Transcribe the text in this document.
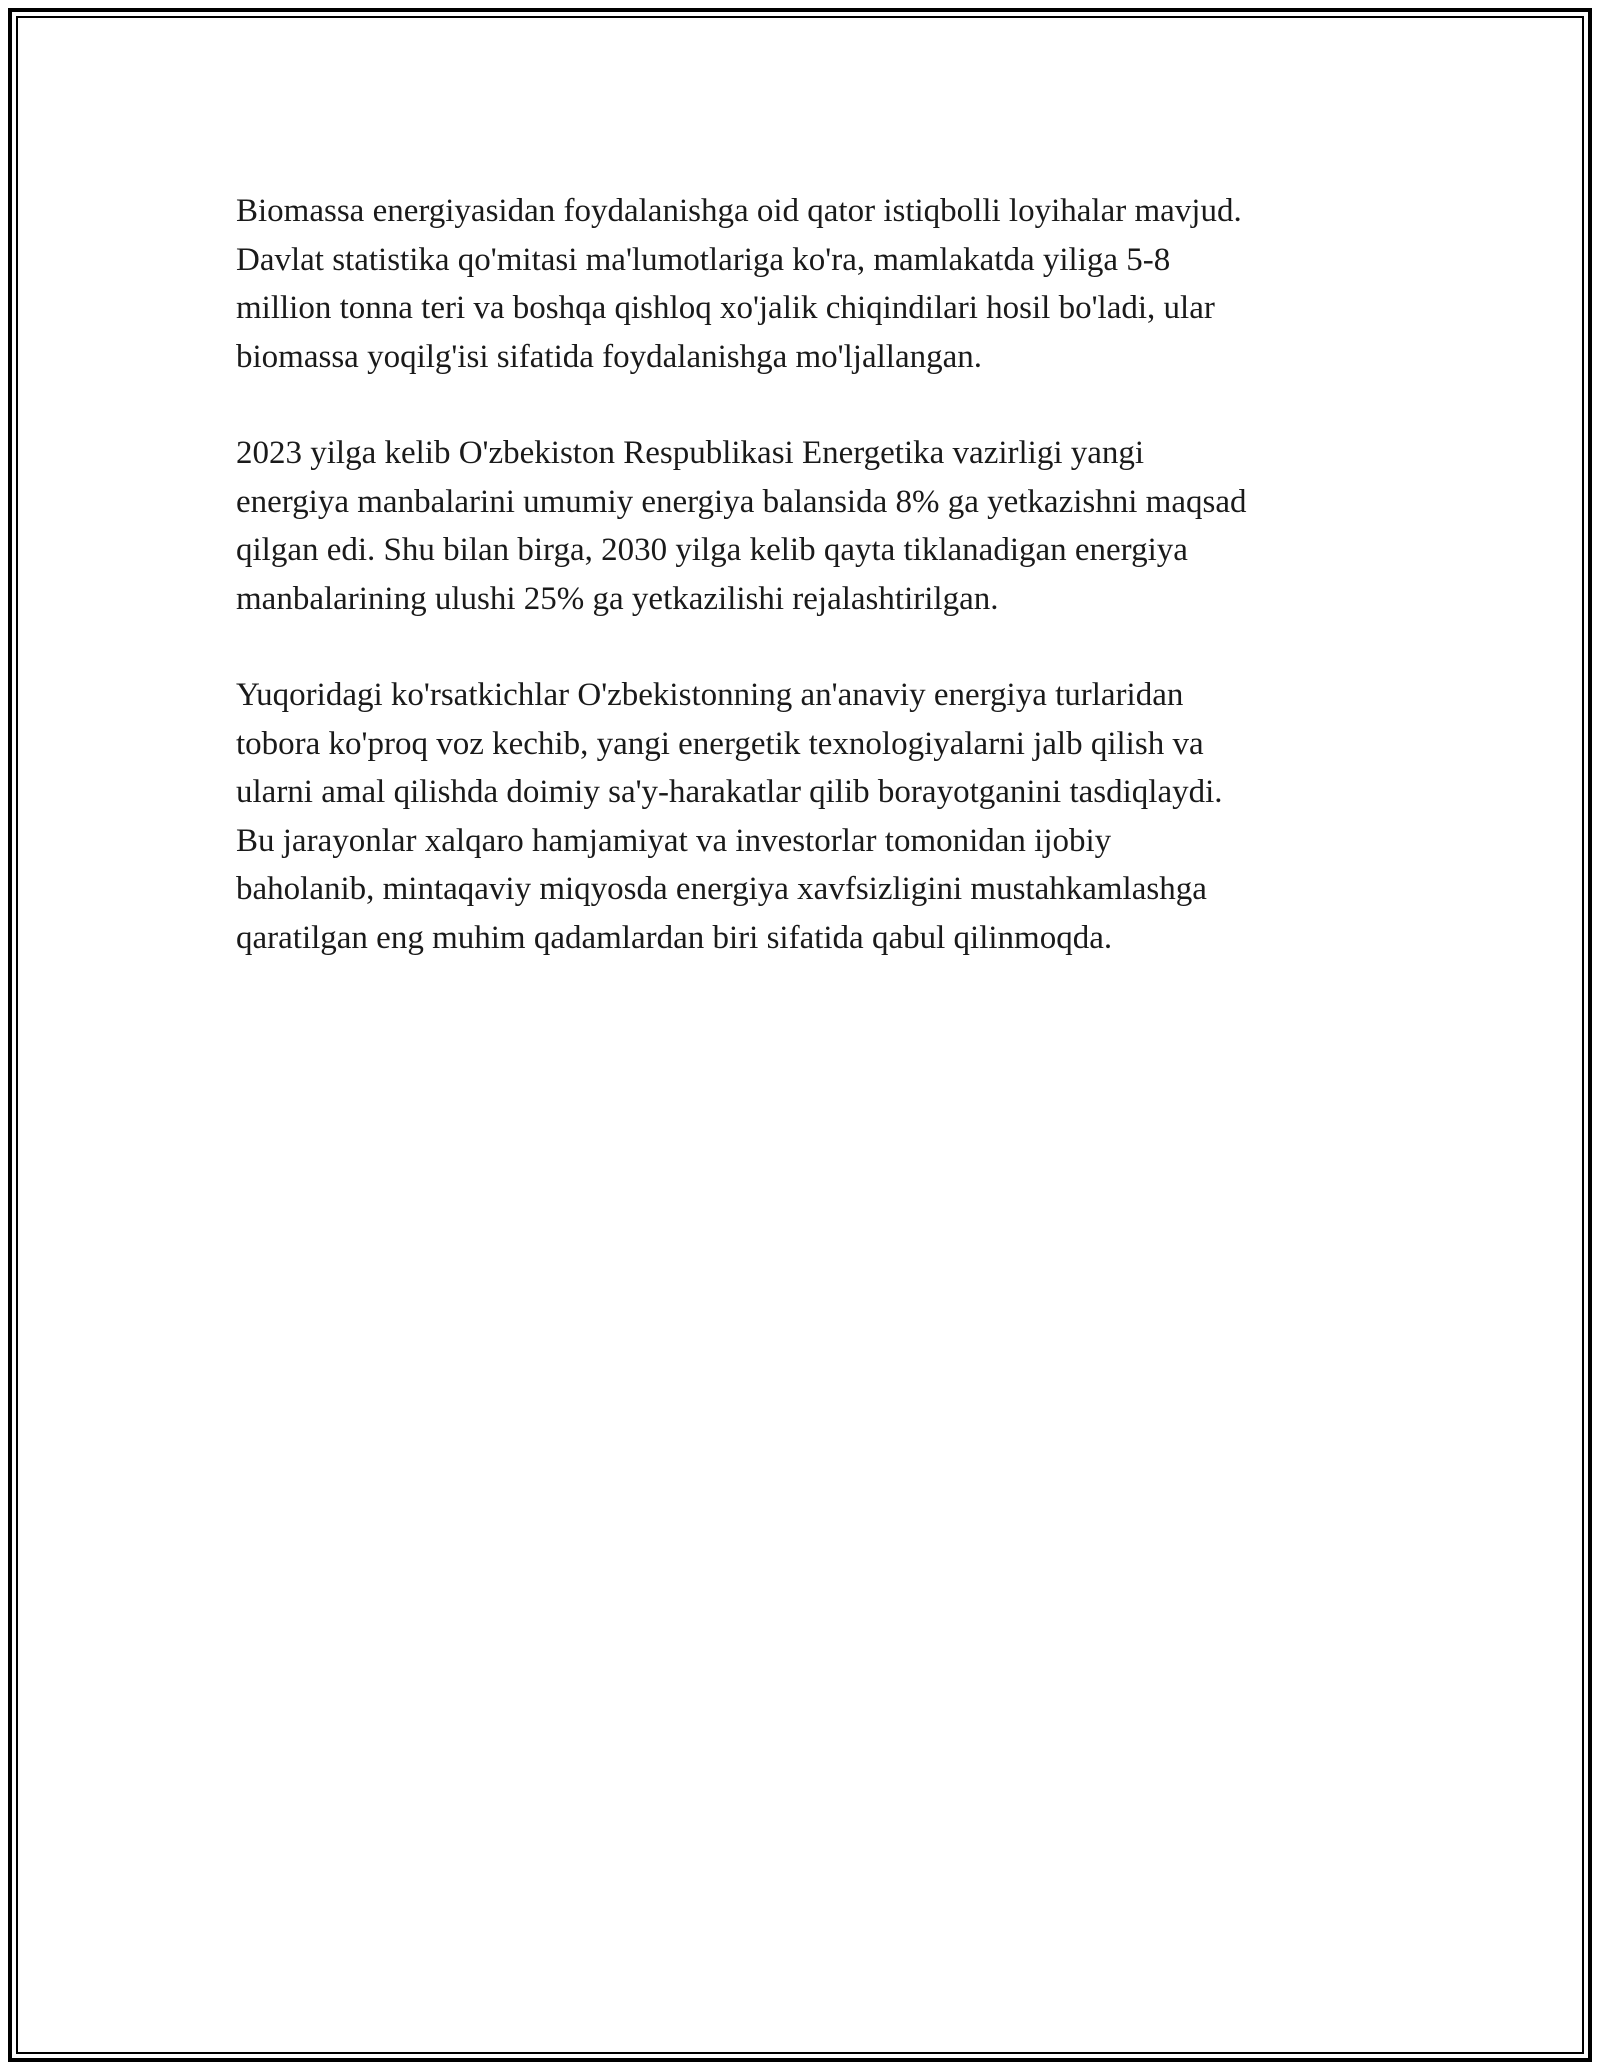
Biomassa energiyasidan foydalanishga oid qator istiqbolli loyihalar mavjud.
Davlat statistika qo'mitasi ma'lumotlariga ko'ra, mamlakatda yiliga 5-8
million tonna teri va boshqa qishloq xo'jalik chiqindilari hosil bo'ladi, ular
biomassa yoqilg'isi sifatida foydalanishga mo'ljallangan.

2023 yilga kelib O'zbekiston Respublikasi Energetika vazirligi yangi
energiya manbalarini umumiy energiya balansida 8% ga yetkazishni maqsad
qilgan edi. Shu bilan birga, 2030 yilga kelib qayta tiklanadigan energiya
manbalarining ulushi 25% ga yetkazilishi rejalashtirilgan.

Yuqoridagi ko'rsatkichlar O'zbekistonning an'anaviy energiya turlaridan
tobora ko'proq voz kechib, yangi energetik texnologiyalarni jalb qilish va
ularni amal qilishda doimiy sa'y-harakatlar qilib borayotganini tasdiqlaydi.
Bu jarayonlar xalqaro hamjamiyat va investorlar tomonidan ijobiy
baholanib, mintaqaviy miqyosda energiya xavfsizligini mustahkamlashga
qaratilgan eng muhim qadamlardan biri sifatida qabul qilinmoqda.
